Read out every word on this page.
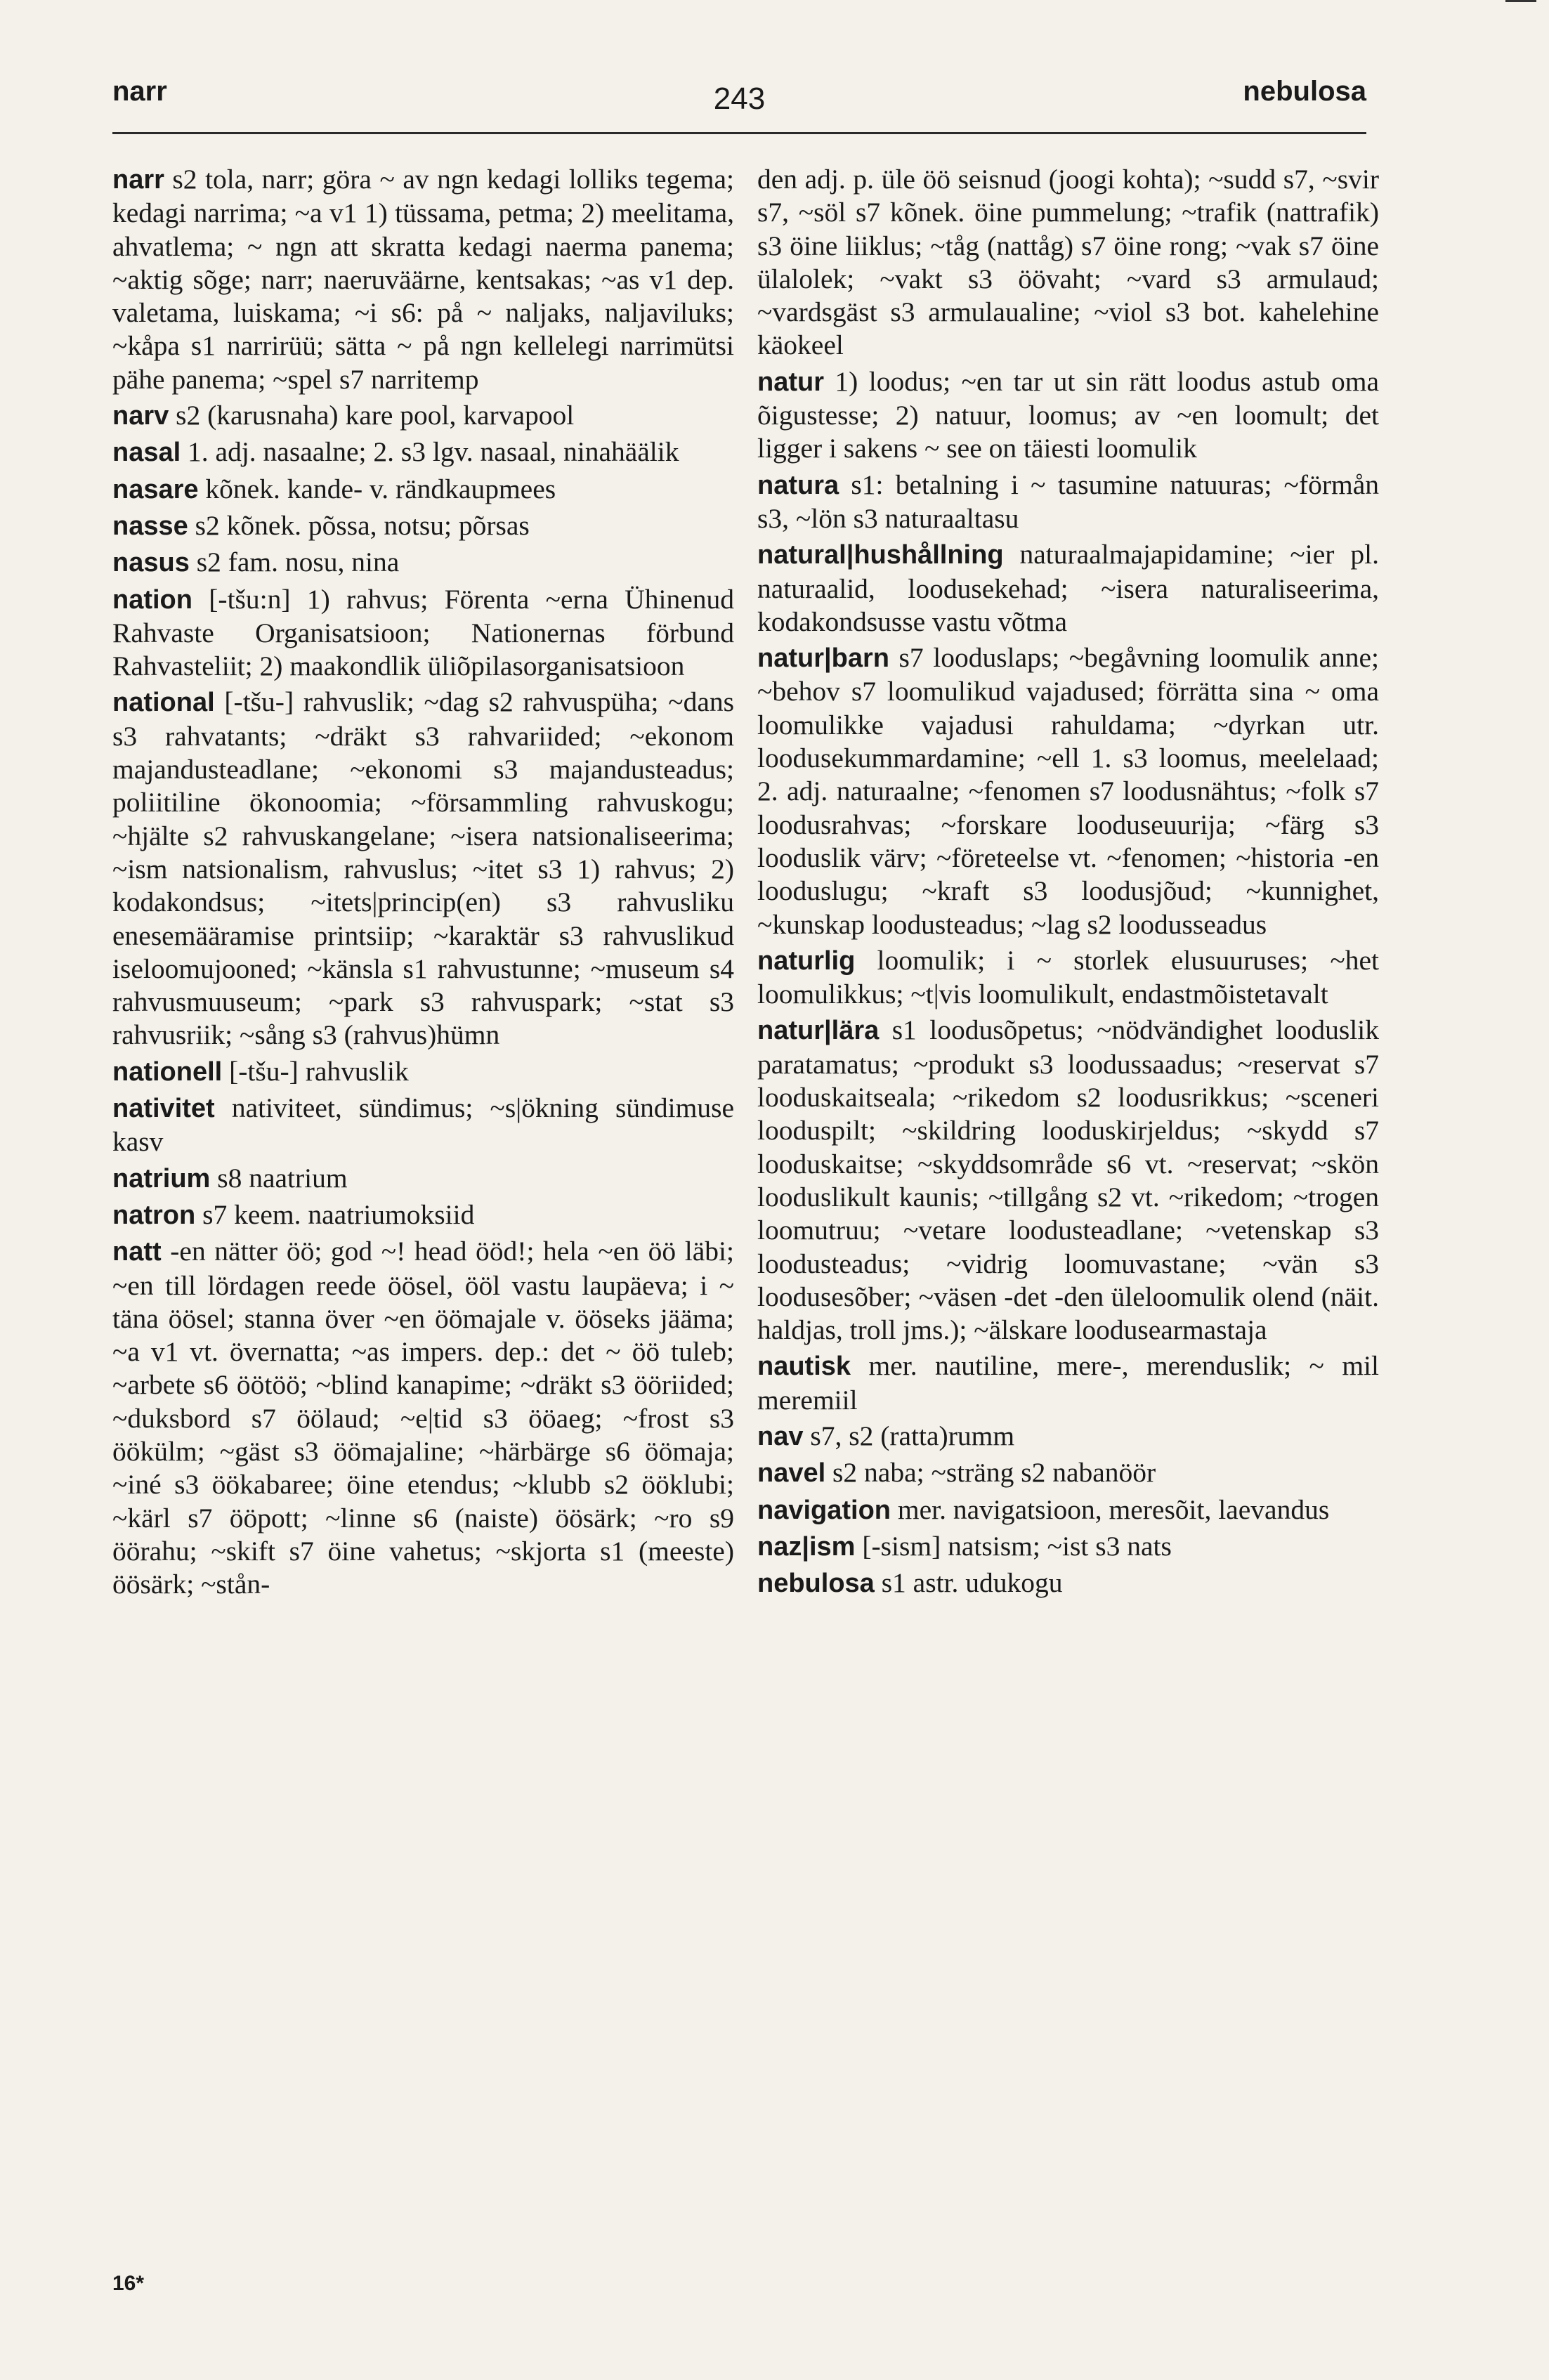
narr	243	nebulosa

narr s2 tola, narr; göra ~ av ngn kedagi lolliks tegema; kedagi narrima; ~a v1 1) tüssama, petma; 2) meelitama, ahvatlema; ~ ngn att skratta kedagi naerma panema; ~aktig sõge; narr; naeruväärne, kentsakas; ~as v1 dep. valetama, luiskama; ~i s6: på ~ naljaks, naljaviluks; ~kåpa s1 narrirüü; sätta ~ på ngn kellelegi narrimütsi pähe panema; ~spel s7 narritemp

narv s2 (karusnaha) kare pool, karvapool

nasal 1. adj. nasaalne; 2. s3 lgv. nasaal, ninahäälik

nasare kõnek. kande- v. rändkaupmees

nasse s2 kõnek. põssa, notsu; põrsas

nasus s2 fam. nosu, nina

nation [-tšu:n] 1) rahvus; Förenta ~erna Ühinenud Rahvaste Organisatsioon; Nationernas förbund Rahvasteliit; 2) maakondlik üliõpilasorganisatsioon

national [-tšu-] rahvuslik; ~dag s2 rahvuspüha; ~dans s3 rahvatants; ~dräkt s3 rahvariided; ~ekonom majandusteadlane; ~ekonomi s3 majandusteadus; poliitiline ökonoomia; ~försammling rahvuskogu; ~hjälte s2 rahvuskangelane; ~isera natsionaliseerima; ~ism natsionalism, rahvuslus; ~itet s3 1) rahvus; 2) kodakondsus; ~itets|princip(en) s3 rahvusliku enesemääramise printsiip; ~karaktär s3 rahvuslikud iseloomujooned; ~känsla s1 rahvustunne; ~museum s4 rahvusmuuseum; ~park s3 rahvuspark; ~stat s3 rahvusriik; ~sång s3 (rahvus)hümn

nationell [-tšu-] rahvuslik

nativitet nativiteet, sündimus; ~s|ökning sündimuse kasv

natrium s8 naatrium

natron s7 keem. naatriumoksiid

natt -en nätter öö; god ~! head ööd!; hela ~en öö läbi; ~en till lördagen reede öösel, ööl vastu laupäeva; i ~ täna öösel; stanna över ~en öömajale v. ööseks jääma; ~a v1 vt. övernatta; ~as impers. dep.: det ~ öö tuleb; ~arbete s6 öötöö; ~blind kanapime; ~dräkt s3 ööriided; ~duksbord s7 öölaud; ~e|tid s3 ööaeg; ~frost s3 öökülm; ~gäst s3 öömajaline; ~härbärge s6 öömaja; ~iné s3 öökabaree; öine etendus; ~klubb s2 ööklubi; ~kärl s7 ööpott; ~linne s6 (naiste) öösärk; ~ro s9 öörahu; ~skift s7 öine vahetus; ~skjorta s1 (meeste) öösärk; ~stån-

den adj. p. üle öö seisnud (joogi kohta); ~sudd s7, ~svir s7, ~söl s7 kõnek. öine pummelung; ~trafik (nattrafik) s3 öine liiklus; ~tåg (nattåg) s7 öine rong; ~vak s7 öine ülalolek; ~vakt s3 öövaht; ~vard s3 armulaud; ~vardsgäst s3 armulaualine; ~viol s3 bot. kahelehine käokeel

natur 1) loodus; ~en tar ut sin rätt loodus astub oma õigustesse; 2) natuur, loomus; av ~en loomult; det ligger i sakens ~ see on täiesti loomulik

natura s1: betalning i ~ tasumine natuuras; ~förmån s3, ~lön s3 naturaaltasu

natural|hushållning naturaalmajapidamine; ~ier pl. naturaalid, loodusekehad; ~isera naturaliseerima, kodakondsusse vastu võtma

natur|barn s7 looduslaps; ~begåvning loomulik anne; ~behov s7 loomulikud vajadused; förrätta sina ~ oma loomulikke vajadusi rahuldama; ~dyrkan utr. loodusekummardamine; ~ell 1. s3 loomus, meelelaad; 2. adj. naturaalne; ~fenomen s7 loodusnähtus; ~folk s7 loodusrahvas; ~forskare looduseuurija; ~färg s3 looduslik värv; ~företeelse vt. ~fenomen; ~historia -en looduslugu; ~kraft s3 loodusjõud; ~kunnighet, ~kunskap loodusteadus; ~lag s2 loodusseadus

naturlig loomulik; i ~ storlek elusuuruses; ~het loomulikkus; ~t|vis loomulikult, endastmõistetavalt

natur|lära s1 loodusõpetus; ~nödvändighet looduslik paratamatus; ~produkt s3 loodussaadus; ~reservat s7 looduskaitseala; ~rikedom s2 loodusrikkus; ~sceneri looduspilt; ~skildring looduskirjeldus; ~skydd s7 looduskaitse; ~skyddsområde s6 vt. ~reservat; ~skön looduslikult kaunis; ~tillgång s2 vt. ~rikedom; ~trogen loomutruu; ~vetare loodusteadlane; ~vetenskap s3 loodusteadus; ~vidrig loomuvastane; ~vän s3 loodusesõber; ~väsen -det -den üleloomulik olend (näit. haldjas, troll jms.); ~älskare loodusearmastaja

nautisk mer. nautiline, mere-, merenduslik; ~ mil meremiil

nav s7, s2 (ratta)rumm

navel s2 naba; ~sträng s2 nabanöör

navigation mer. navigatsioon, meresõit, laevandus

naz|ism [-sism] natsism; ~ist s3 nats

nebulosa s1 astr. udukogu

16*
